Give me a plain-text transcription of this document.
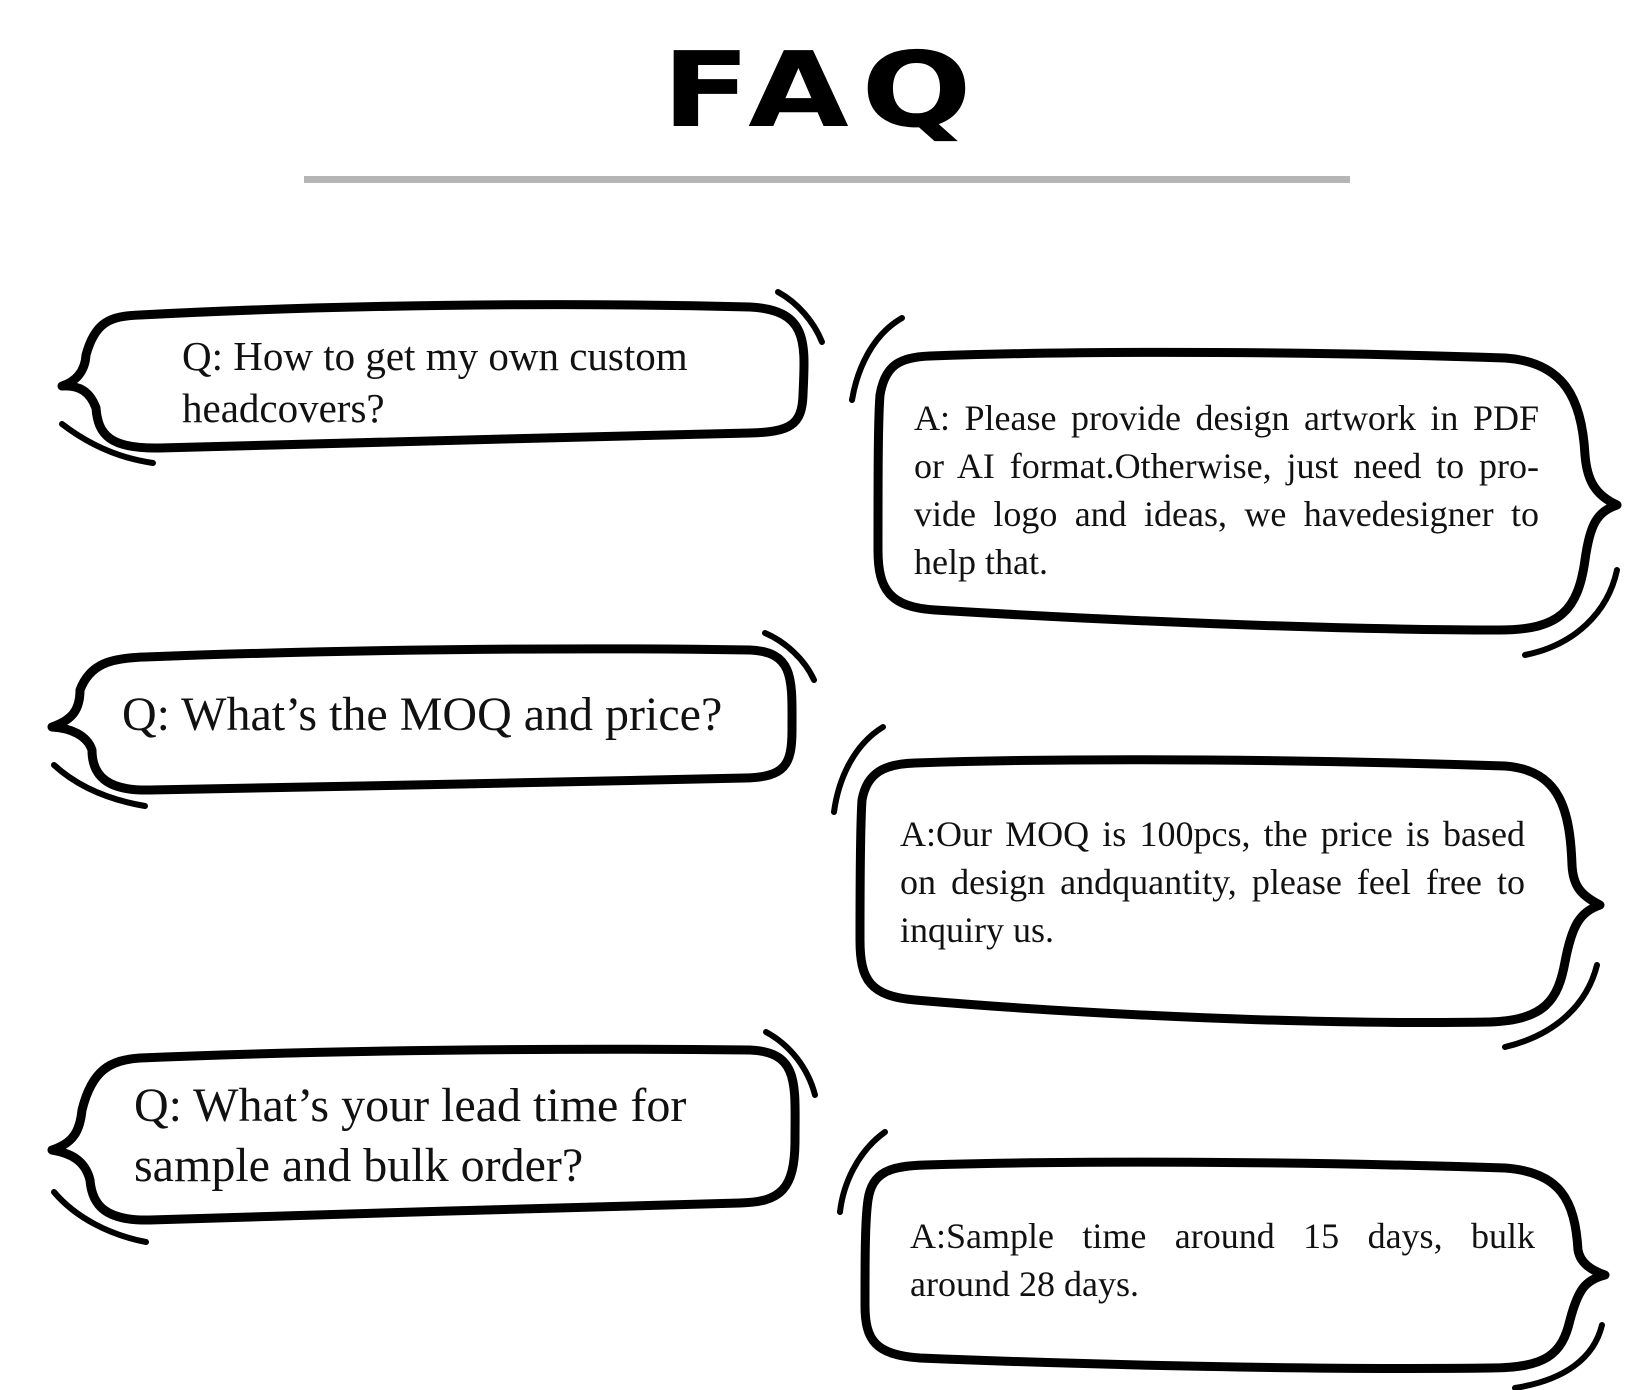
FAQ

Q: How to get my own custom headcovers?	A: Please provide design artwork in PDF or AI format.Otherwise, just need to pro-vide logo and ideas, we havedesigner to help that.

Q: What’s the MOQ and price?

A:Our MOQ is 100pcs, the price is based on design andquantity, please feel free to inquiry us.

Q: What’s your lead time for sample and bulk order?

A:Sample time around 15 days, bulk around 28 days.
